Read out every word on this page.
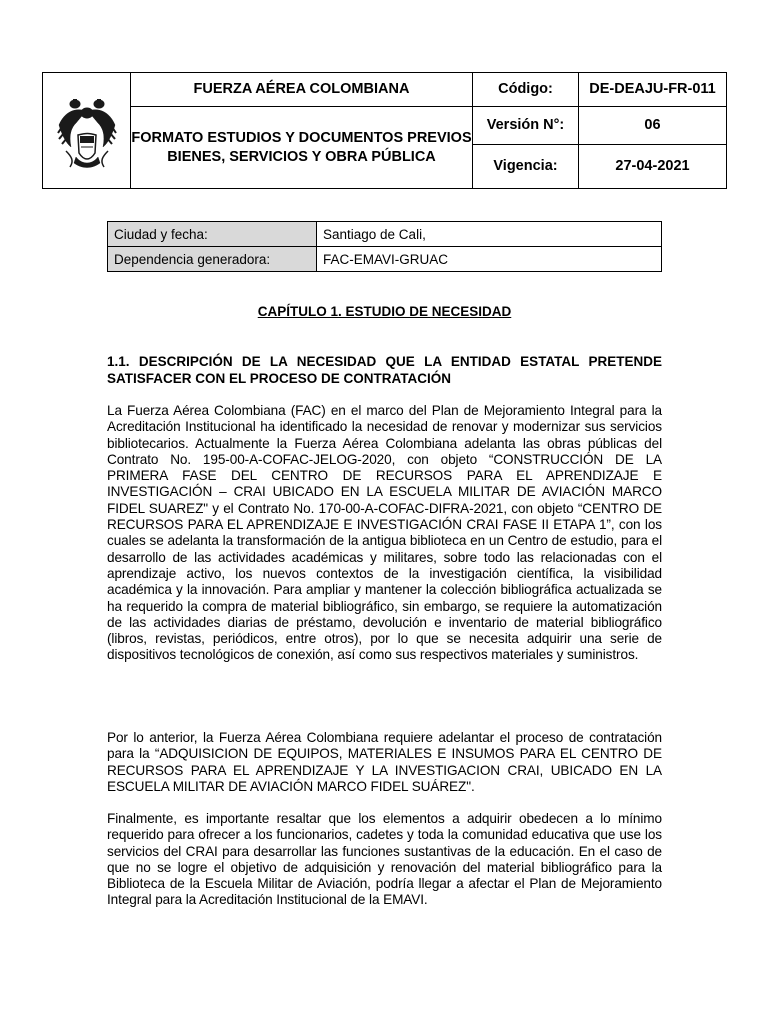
	FUERZA AÉREA COLOMBIANA	Código:	DE-DEAJU-FR-011
	FORMATO ESTUDIOS Y DOCUMENTOS PREVIOS BIENES, SERVICIOS Y OBRA PÚBLICA	Versión N°:	06
		Vigencia:	27-04-2021
Ciudad y fecha:	Santiago de Cali,
Dependencia generadora:	FAC-EMAVI-GRUAC
CAPÍTULO 1. ESTUDIO DE NECESIDAD
1.1. DESCRIPCIÓN DE LA NECESIDAD QUE LA ENTIDAD ESTATAL PRETENDE SATISFACER CON EL PROCESO DE CONTRATACIÓN

La Fuerza Aérea Colombiana (FAC) en el marco del Plan de Mejoramiento Integral para la Acreditación Institucional ha identificado la necesidad de renovar y modernizar sus servicios bibliotecarios. Actualmente la Fuerza Aérea Colombiana adelanta las obras públicas del Contrato No. 195-00-A-COFAC-JELOG-2020, con objeto “CONSTRUCCIÓN DE LA PRIMERA FASE DEL CENTRO DE RECURSOS PARA EL APRENDIZAJE E INVESTIGACIÓN – CRAI UBICADO EN LA ESCUELA MILITAR DE AVIACIÓN MARCO FIDEL SUAREZ" y el Contrato No. 170-00-A-COFAC-DIFRA-2021, con objeto “CENTRO DE RECURSOS PARA EL APRENDIZAJE E INVESTIGACIÓN CRAI FASE II ETAPA 1”, con los cuales se adelanta la transformación de la antigua biblioteca en un Centro de estudio, para el desarrollo de las actividades académicas y militares, sobre todo las relacionadas con el aprendizaje activo, los nuevos contextos de la investigación científica, la visibilidad académica y la innovación. Para ampliar y mantener la colección bibliográfica actualizada se ha requerido la compra de material bibliográfico, sin embargo, se requiere la automatización de las actividades diarias de préstamo, devolución e inventario de material bibliográfico (libros, revistas, periódicos, entre otros), por lo que se necesita adquirir una serie de dispositivos tecnológicos de conexión, así como sus respectivos materiales y suministros.

Por lo anterior, la Fuerza Aérea Colombiana requiere adelantar el proceso de contratación para la “ADQUISICION DE EQUIPOS, MATERIALES E INSUMOS PARA EL CENTRO DE RECURSOS PARA EL APRENDIZAJE Y LA INVESTIGACION CRAI, UBICADO EN LA ESCUELA MILITAR DE AVIACIÓN MARCO FIDEL SUÁREZ".

Finalmente, es importante resaltar que los elementos a adquirir obedecen a lo mínimo requerido para ofrecer a los funcionarios, cadetes y toda la comunidad educativa que use los servicios del CRAI para desarrollar las funciones sustantivas de la educación. En el caso de que no se logre el objetivo de adquisición y renovación del material bibliográfico para la Biblioteca de la Escuela Militar de Aviación, podría llegar a afectar el Plan de Mejoramiento Integral para la Acreditación Institucional de la EMAVI.
